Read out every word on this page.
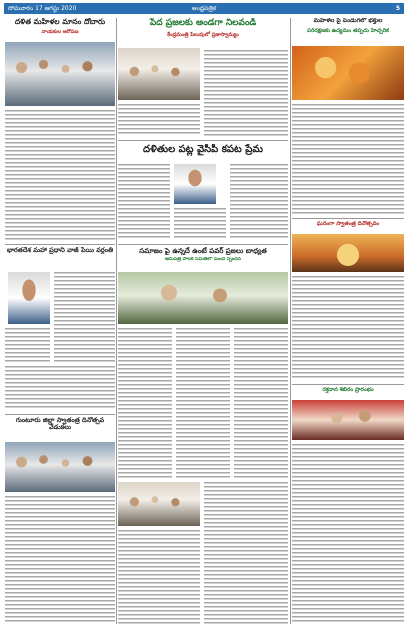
సోమవారం 17 ఆగస్టు 2020	ఆంధ్రపత్రిక	5
దళిత మహిళల మానం దోచారు
నాయకుల ఆరోపణ
పేద ప్రజలకు అండగా నిలవండి
కేంద్రమంత్రి పిలుపులో ప్రజాస్వామ్యం
మహిళల పై పండుగలో భక్తుల
పరిరక్షణకు ఉద్యమం తప్పదు హెచ్చరిక
దళితుల పట్ల వైసీపీ కపట ప్రేమ
భారతదేశ మహా ప్రధాని వాజ్ పేయి వర్ధంతి
ఘనంగా స్వాతంత్ర దినోత్సవం
సమాజం పై ఉన్నదే ఉంటే పవర్ ప్రజలు బాధ్యత
ఆసుపత్రి పాలక సమితిలో మంచి స్పందన
గుంటూరు జిల్లా స్వాతంత్ర దినోత్సవ వేడుకలు
రక్తదాన శిబిరం ప్రారంభం
